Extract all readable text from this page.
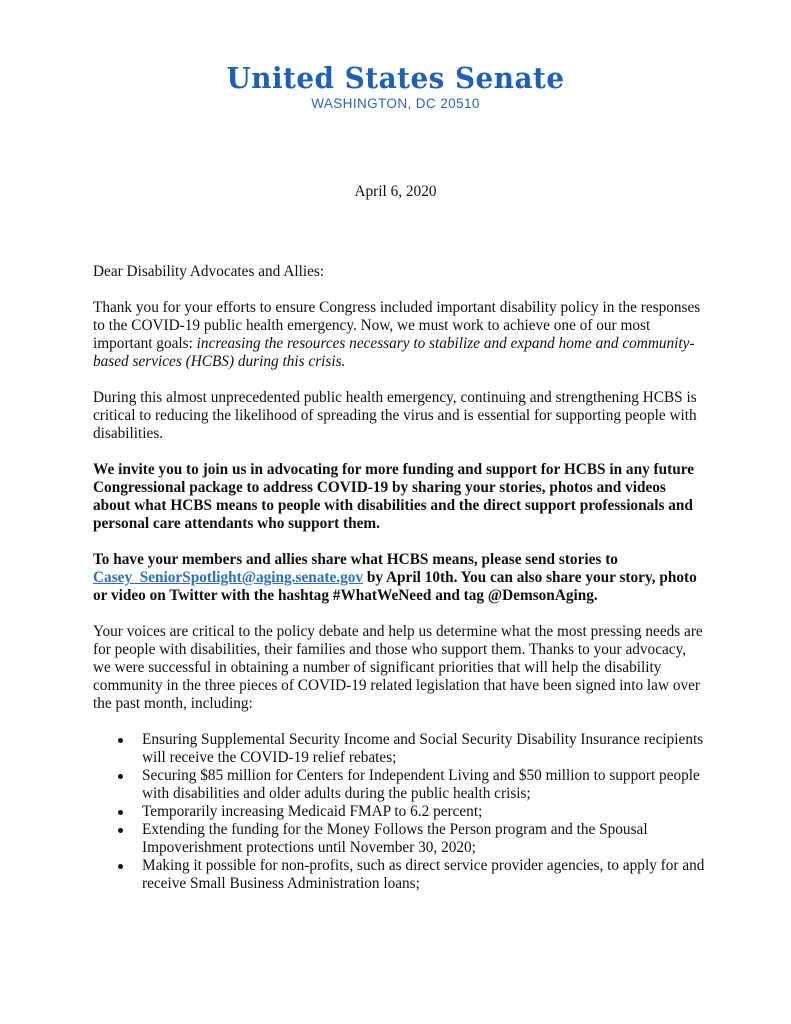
United States Senate
WASHINGTON, DC 20510
April 6, 2020

Dear Disability Advocates and Allies:

Thank you for your efforts to ensure Congress included important disability policy in the responses to the COVID-19 public health emergency. Now, we must work to achieve one of our most important goals: increasing the resources necessary to stabilize and expand home and community-based services (HCBS) during this crisis.

During this almost unprecedented public health emergency, continuing and strengthening HCBS is critical to reducing the likelihood of spreading the virus and is essential for supporting people with disabilities.

We invite you to join us in advocating for more funding and support for HCBS in any future Congressional package to address COVID-19 by sharing your stories, photos and videos about what HCBS means to people with disabilities and the direct support professionals and personal care attendants who support them.

To have your members and allies share what HCBS means, please send stories to Casey_SeniorSpotlight@aging.senate.gov by April 10th. You can also share your story, photo or video on Twitter with the hashtag #WhatWeNeed and tag @DemsonAging.

Your voices are critical to the policy debate and help us determine what the most pressing needs are for people with disabilities, their families and those who support them. Thanks to your advocacy, we were successful in obtaining a number of significant priorities that will help the disability community in the three pieces of COVID-19 related legislation that have been signed into law over the past month, including:

Ensuring Supplemental Security Income and Social Security Disability Insurance recipients will receive the COVID-19 relief rebates;
Securing $85 million for Centers for Independent Living and $50 million to support people with disabilities and older adults during the public health crisis;
Temporarily increasing Medicaid FMAP to 6.2 percent;
Extending the funding for the Money Follows the Person program and the Spousal Impoverishment protections until November 30, 2020;
Making it possible for non-profits, such as direct service provider agencies, to apply for and receive Small Business Administration loans;
